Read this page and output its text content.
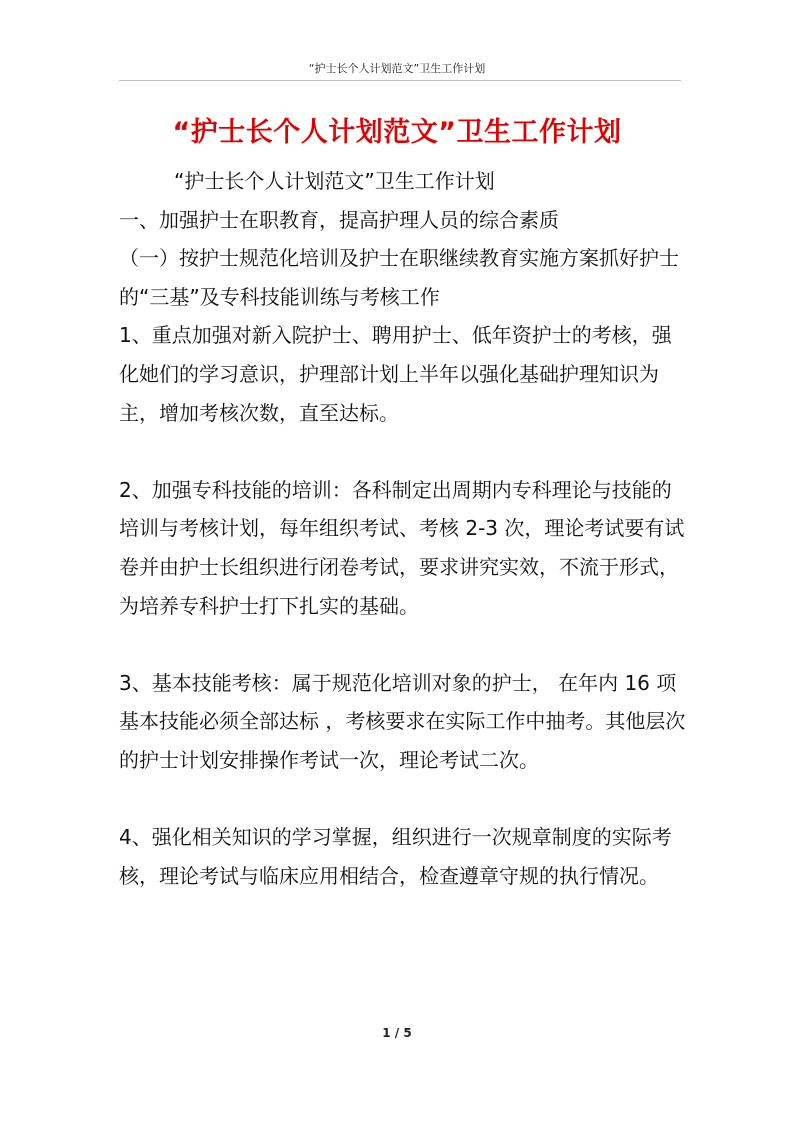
“护士长个人计划范文”卫生工作计划
“护士长个人计划范文”卫生工作计划

“护士长个人计划范文”卫生工作计划

一、加强护士在职教育，提高护理人员的综合素质

（一）按护士规范化培训及护士在职继续教育实施方案抓好护士的“三基”及专科技能训练与考核工作

1、重点加强对新入院护士、聘用护士、低年资护士的考核，强化她们的学习意识，护理部计划上半年以强化基础护理知识为主，增加考核次数，直至达标。

2、加强专科技能的培训：各科制定出周期内专科理论与技能的培训与考核计划，每年组织考试、考核 2-3 次，理论考试要有试卷并由护士长组织进行闭卷考试，要求讲究实效，不流于形式，为培养专科护士打下扎实的基础。

3、基本技能考核：属于规范化培训对象的护士， 在年内 16 项基本技能必须全部达标 ，考核要求在实际工作中抽考。其他层次的护士计划安排操作考试一次，理论考试二次。

4、强化相关知识的学习掌握，组织进行一次规章制度的实际考核，理论考试与临床应用相结合，检查遵章守规的执行情况。

1 / 5
